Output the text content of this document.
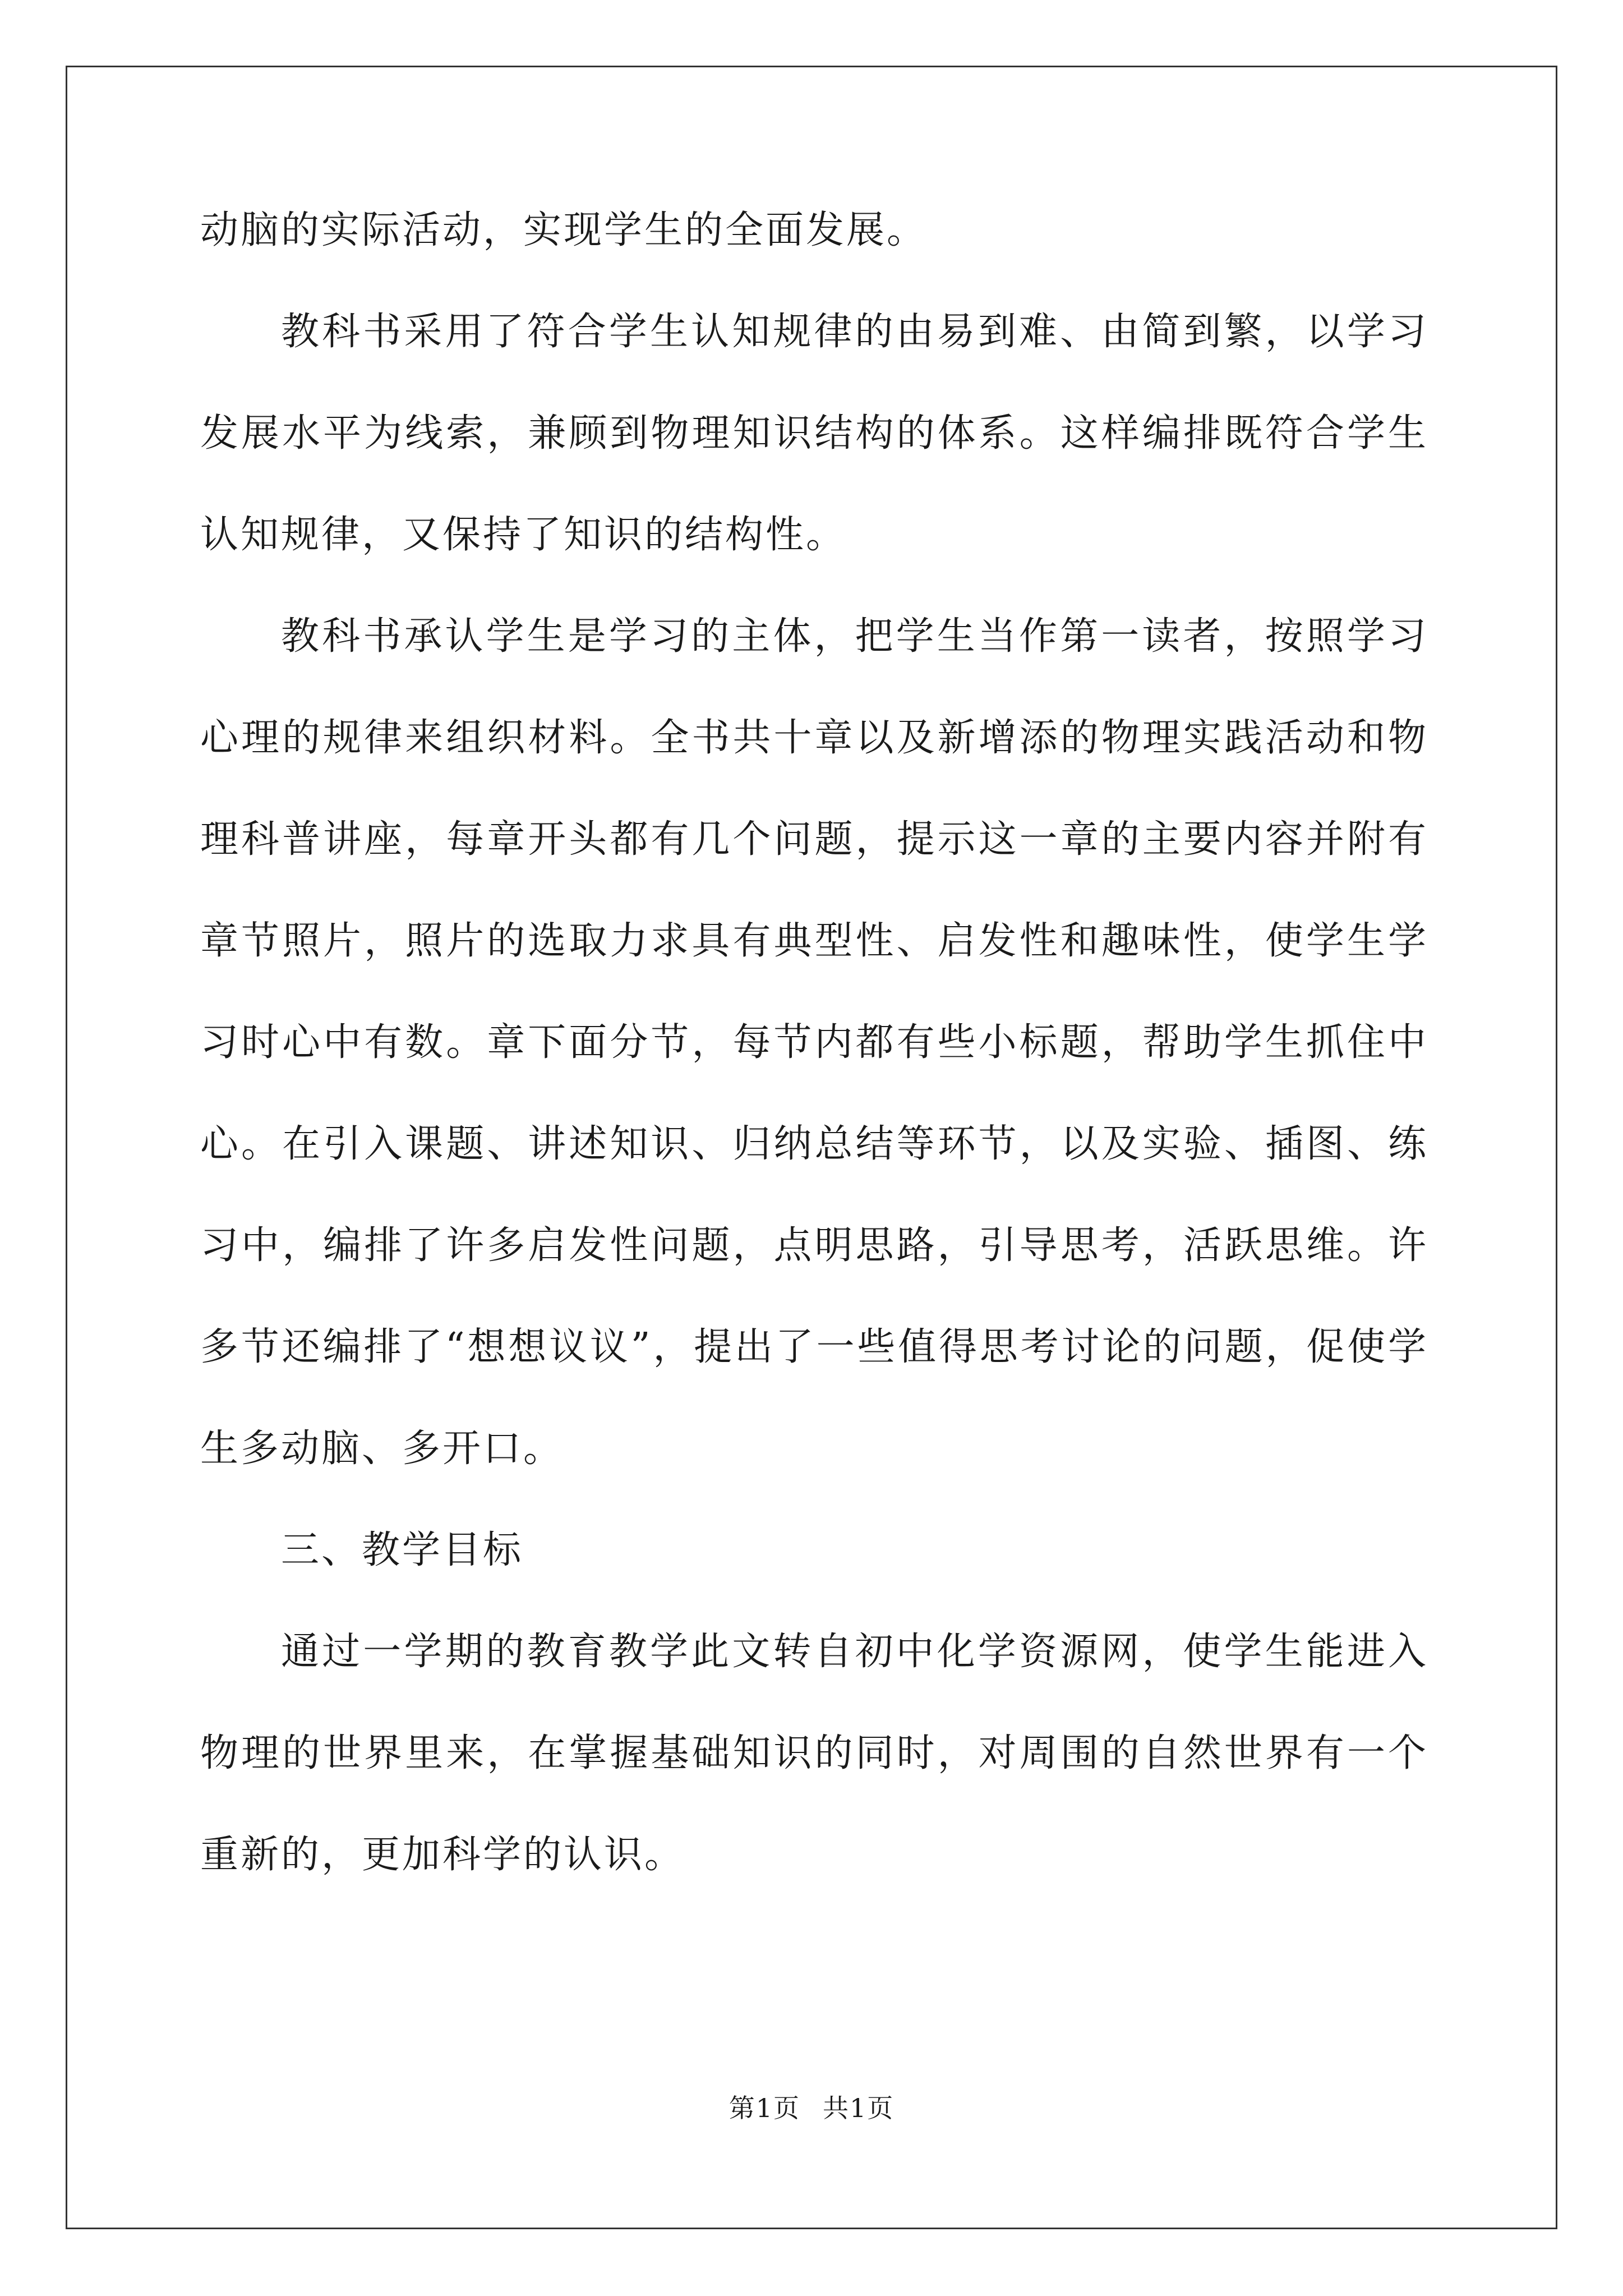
动脑的实际活动，实现学生的全面发展。

教科书采用了符合学生认知规律的由易到难、由简到繁，以学习发展水平为线索，兼顾到物理知识结构的体系。这样编排既符合学生认知规律，又保持了知识的结构性。

教科书承认学生是学习的主体，把学生当作第一读者，按照学习心理的规律来组织材料。全书共十章以及新增添的物理实践活动和物理科普讲座，每章开头都有几个问题，提示这一章的主要内容并附有章节照片，照片的选取力求具有典型性、启发性和趣味性，使学生学习时心中有数。章下面分节，每节内都有些小标题，帮助学生抓住中心。在引入课题、讲述知识、归纳总结等环节，以及实验、插图、练习中，编排了许多启发性问题，点明思路，引导思考，活跃思维。许多节还编排了“想想议议”，提出了一些值得思考讨论的问题，促使学生多动脑、多开口。

三、教学目标

通过一学期的教育教学此文转自初中化学资源网，使学生能进入物理的世界里来，在掌握基础知识的同时，对周围的自然世界有一个重新的，更加科学的认识。

第1页 共1页
